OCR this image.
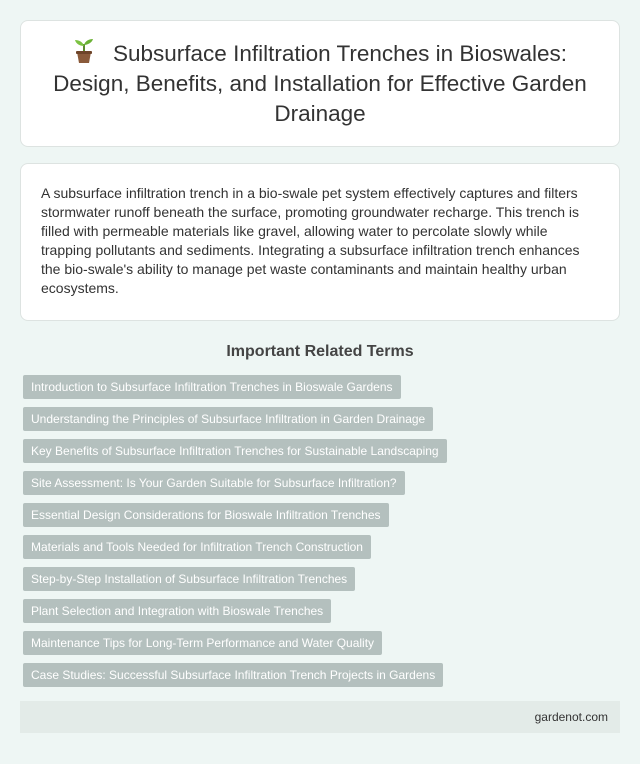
Subsurface Infiltration Trenches in Bioswales: Design, Benefits, and Installation for Effective Garden Drainage

A subsurface infiltration trench in a bio-swale pet system effectively captures and filters stormwater runoff beneath the surface, promoting groundwater recharge. This trench is filled with permeable materials like gravel, allowing water to percolate slowly while trapping pollutants and sediments. Integrating a subsurface infiltration trench enhances the bio-swale's ability to manage pet waste contaminants and maintain healthy urban ecosystems.

Important Related Terms
Introduction to Subsurface Infiltration Trenches in Bioswale Gardens
Understanding the Principles of Subsurface Infiltration in Garden Drainage
Key Benefits of Subsurface Infiltration Trenches for Sustainable Landscaping
Site Assessment: Is Your Garden Suitable for Subsurface Infiltration?
Essential Design Considerations for Bioswale Infiltration Trenches
Materials and Tools Needed for Infiltration Trench Construction
Step-by-Step Installation of Subsurface Infiltration Trenches
Plant Selection and Integration with Bioswale Trenches
Maintenance Tips for Long-Term Performance and Water Quality
Case Studies: Successful Subsurface Infiltration Trench Projects in Gardens
gardenot.com
